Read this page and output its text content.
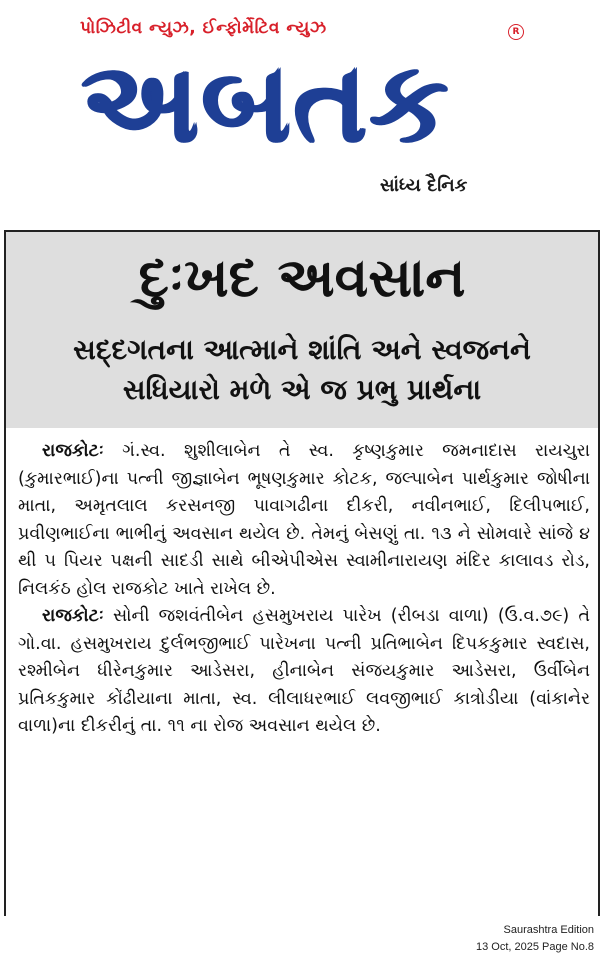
પોઝિટીવ ન્યુઝ, ઈન્ફોર્મેટિવ ન્યુઝ	R
અબતક
સાંધ્ય દૈનિક
દુઃખદ અવસાન
સદ્દગતના આત્માને શાંતિ અને સ્વજનને
સધિયારો મળે એ જ પ્રભુ પ્રાર્થના

રાજકોટઃ ગં.સ્વ. શુશીલાબેન તે સ્વ. કૃષ્ણકુમાર જમનાદાસ રાયચુરા (કુમારભાઈ)ના પત્ની જીજ્ઞાબેન ભૂષણકુમાર કોટક, જલ્પાબેન પાર્થકુમાર જોષીના માતા, અમૃતલાલ કરસનજી પાવાગઢીના દીકરી, નવીનભાઈ, દિલીપભાઈ, પ્રવીણભાઈના ભાભીનું અવસાન થયેલ છે. તેમનું બેસણું તા. ૧૩ ને સોમવારે સાંજે ૪ થી ૫ પિયર પક્ષની સાદડી સાથે બીએપીએસ સ્વામીનારાયણ મંદિર કાલાવડ રોડ, નિલકંઠ હોલ રાજકોટ ખાતે રાખેલ છે.

રાજકોટઃ સોની જશવંતીબેન હસમુખરાય પારેખ (રીબડા વાળા) (ઉ.વ.૭૯) તે ગો.વા. હસમુખરાય દુર્લભજીભાઈ પારેખના પત્ની પ્રતિભાબેન દિપકકુમાર સ્વદાસ, રશ્મીબેન ધીરેનકુમાર આડેસરા, હીનાબેન સંજયકુમાર આડેસરા, ઉર્વીબેન પ્રતિકકુમાર કોંઢીયાના માતા, સ્વ. લીલાધરભાઈ લવજીભાઈ કાત્રોડીયા (વાંકાનેર વાળા)ના દીકરીનું તા. ૧૧ ના રોજ અવસાન થયેલ છે.

Saurashtra Edition
13 Oct, 2025 Page No.8
